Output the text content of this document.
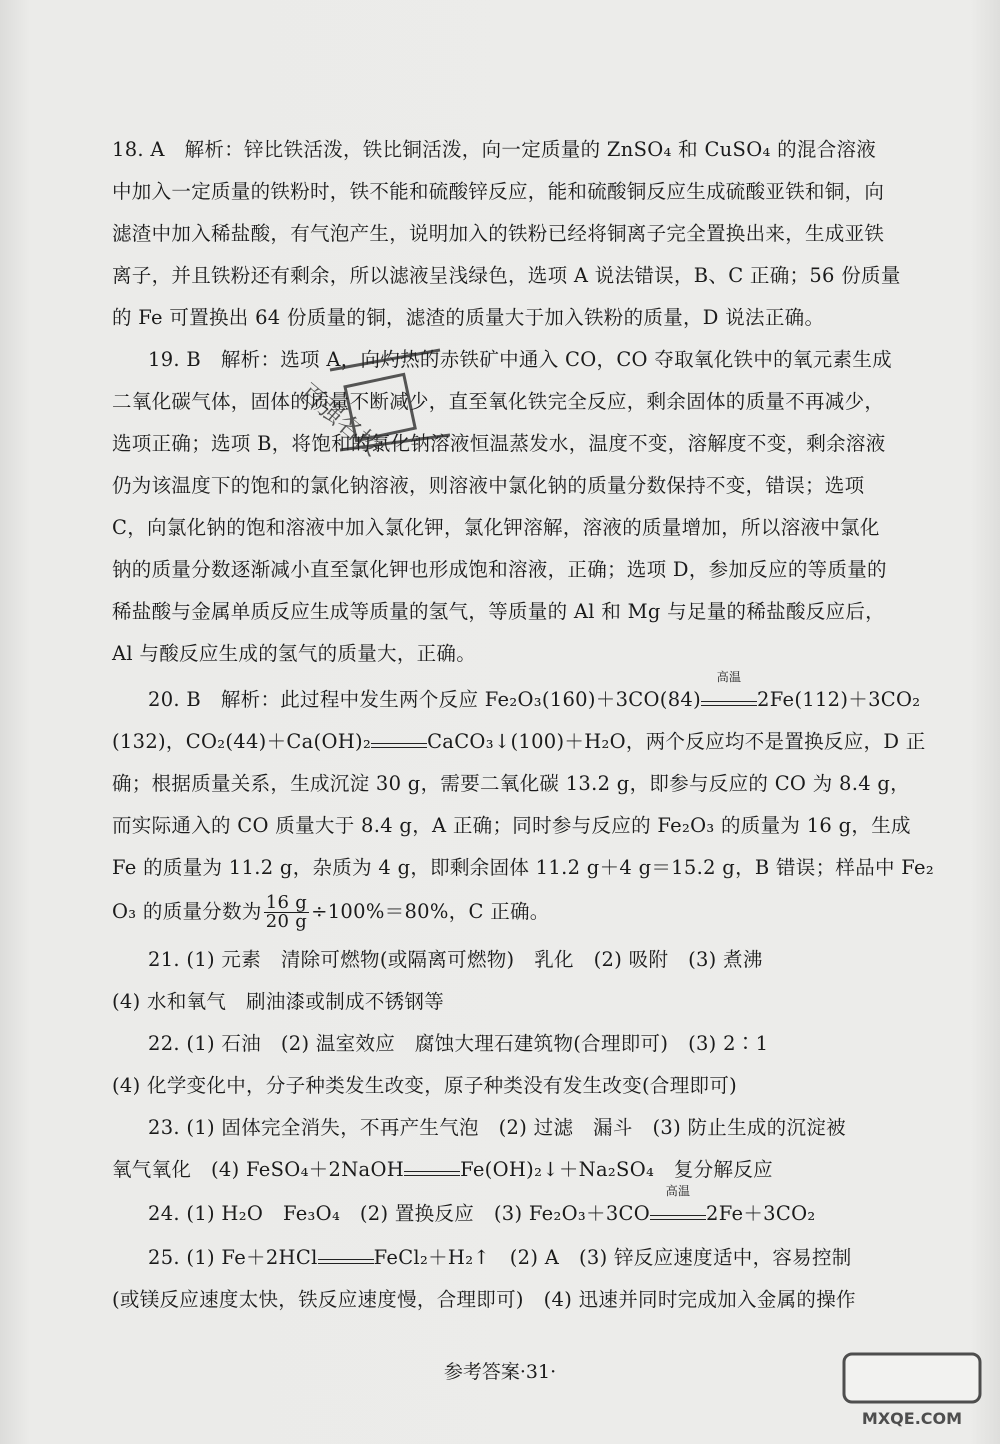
18. A　解析：锌比铁活泼，铁比铜活泼，向一定质量的 ZnSO₄ 和 CuSO₄ 的混合溶液
中加入一定质量的铁粉时，铁不能和硫酸锌反应，能和硫酸铜反应生成硫酸亚铁和铜，向
滤渣中加入稀盐酸，有气泡产生，说明加入的铁粉已经将铜离子完全置换出来，生成亚铁
离子，并且铁粉还有剩余，所以滤液呈浅绿色，选项 A 说法错误，B、C 正确；56 份质量
的 Fe 可置换出 64 份质量的铜，滤渣的质量大于加入铁粉的质量，D 说法正确。
19. B　解析：选项 A，向灼热的赤铁矿中通入 CO，CO 夺取氧化铁中的氧元素生成
二氧化碳气体，固体的质量不断减少，直至氧化铁完全反应，剩余固体的质量不再减少，
选项正确；选项 B，将饱和的氯化钠溶液恒温蒸发水，温度不变，溶解度不变，剩余溶液
仍为该温度下的饱和的氯化钠溶液，则溶液中氯化钠的质量分数保持不变，错误；选项
C，向氯化钠的饱和溶液中加入氯化钾，氯化钾溶解，溶液的质量增加，所以溶液中氯化
钠的质量分数逐渐减小直至氯化钾也形成饱和溶液，正确；选项 D，参加反应的等质量的
稀盐酸与金属单质反应生成等质量的氢气，等质量的 Al 和 Mg 与足量的稀盐酸反应后，
Al 与酸反应生成的氢气的质量大，正确。
20. B　解析：此过程中发生两个反应 Fe₂O₃(160)＋3CO(84)
高温
2Fe(112)＋3CO₂
(132)，CO₂(44)＋Ca(OH)₂	CaCO₃↓(100)＋H₂O，两个反应均不是置换反应，D 正
确；根据质量关系，生成沉淀 30 g，需要二氧化碳 13.2 g，即参与反应的 CO 为 8.4 g，
而实际通入的 CO 质量大于 8.4 g，A 正确；同时参与反应的 Fe₂O₃ 的质量为 16 g，生成
Fe 的质量为 11.2 g，杂质为 4 g，即剩余固体 11.2 g＋4 g＝15.2 g，B 错误；样品中 Fe₂
O₃ 的质量分数为 $\frac{16 g}{20 g} \div 100\%=80\%$，C 正确。
21. (1) 元素　清除可燃物(或隔离可燃物)　乳化　(2) 吸附　(3) 煮沸
(4) 水和氧气　刷油漆或制成不锈钢等
22. (1) 石油　(2) 温室效应　腐蚀大理石建筑物(合理即可)　(3) 2∶1
(4) 化学变化中，分子种类发生改变，原子种类没有发生改变(合理即可)
23. (1) 固体完全消失，不再产生气泡　(2) 过滤　漏斗　(3) 防止生成的沉淀被
氧气氧化　(4) FeSO₄＋2NaOH	Fe(OH)₂↓＋Na₂SO₄　复分解反应
24. (1) H₂O　Fe₃O₄　(2) 置换反应　(3) Fe₂O₃＋3CO
高温
2Fe＋3CO₂
25. (1) Fe＋2HCl	FeCl₂＋H₂↑　(2) A　(3) 锌反应速度适中，容易控制
(或镁反应速度太快，铁反应速度慢，合理即可)　(4) 迅速并同时完成加入金属的操作
参考答案·31·
百强名校
MXQE.COM
